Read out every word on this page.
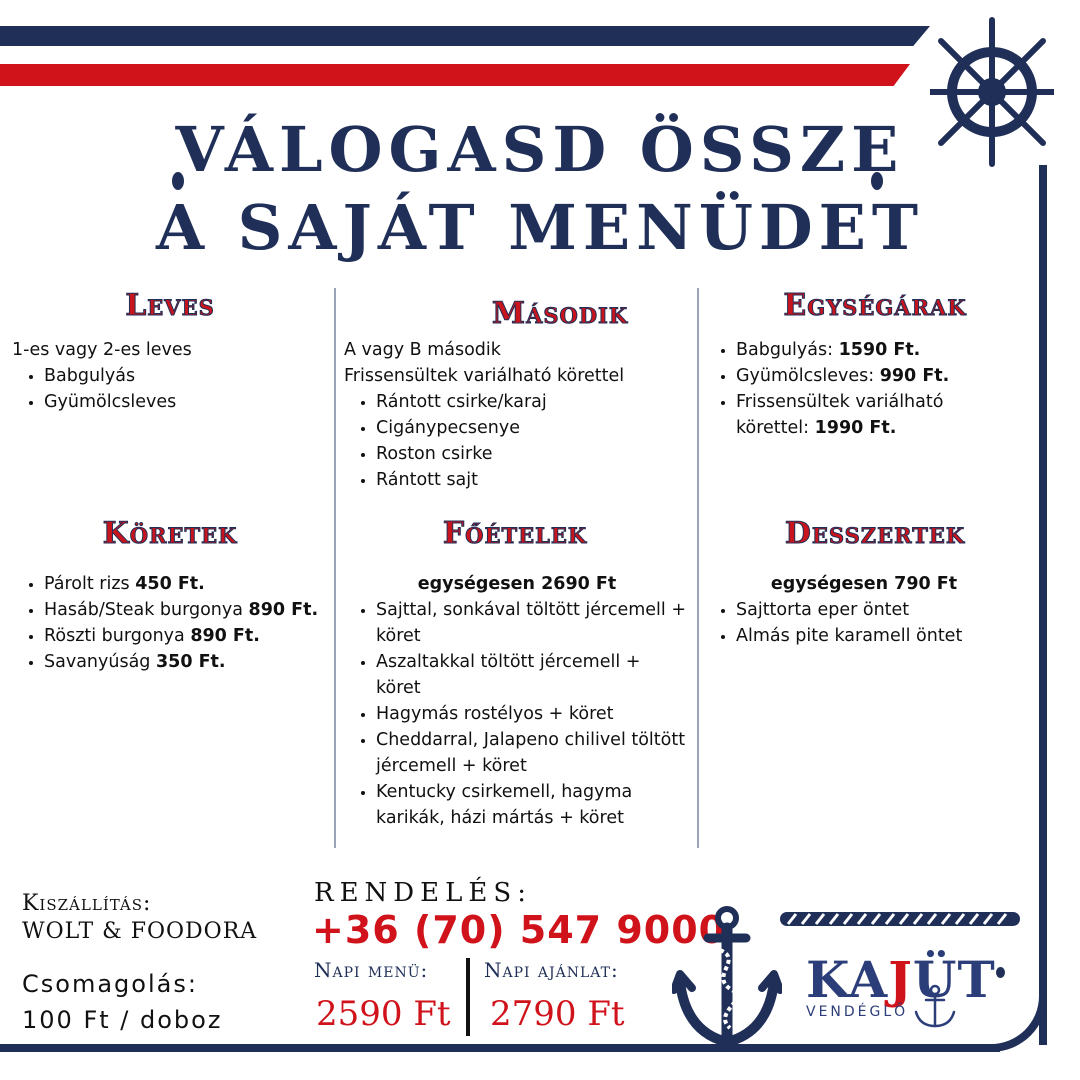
VÁLOGASD ÖSSZE
A SAJÁT MENÜDET
Leves
1-es vagy 2-es leves
• Babgulyás
• Gyümölcsleves
Második
A vagy B második
Frissensültek variálható körettel
• Rántott csirke/karaj
• Cigánypecsenye
• Roston csirke
• Rántott sajt
Egységárak
• Babgulyás: 1590 Ft.
• Gyümölcsleves: 990 Ft.
• Frissensültek variálható körettel: 1990 Ft.
Köretek
• Párolt rizs 450 Ft.
• Hasáb/Steak burgonya 890 Ft.
• Röszti burgonya 890 Ft.
• Savanyúság 350 Ft.
Főételek
egységesen 2690 Ft
• Sajttal, sonkával töltött jércemell + köret
• Aszaltakkal töltött jércemell + köret
• Hagymás rostélyos + köret
• Cheddarral, Jalapeno chilivel töltött jércemell + köret
• Kentucky csirkemell, hagyma karikák, házi mártás + köret
Desszertek
egységesen 790 Ft
• Sajttorta eper öntet
• Almás pite karamell öntet
Kiszállítás:
WOLT & FOODORA
Csomagolás:
100 Ft / doboz
RENDELÉS:
+36 (70) 547 9000
Napi menü:
2590 Ft
Napi ajánlat:
2790 Ft
KAJÜT
VENDÉGLŐ
